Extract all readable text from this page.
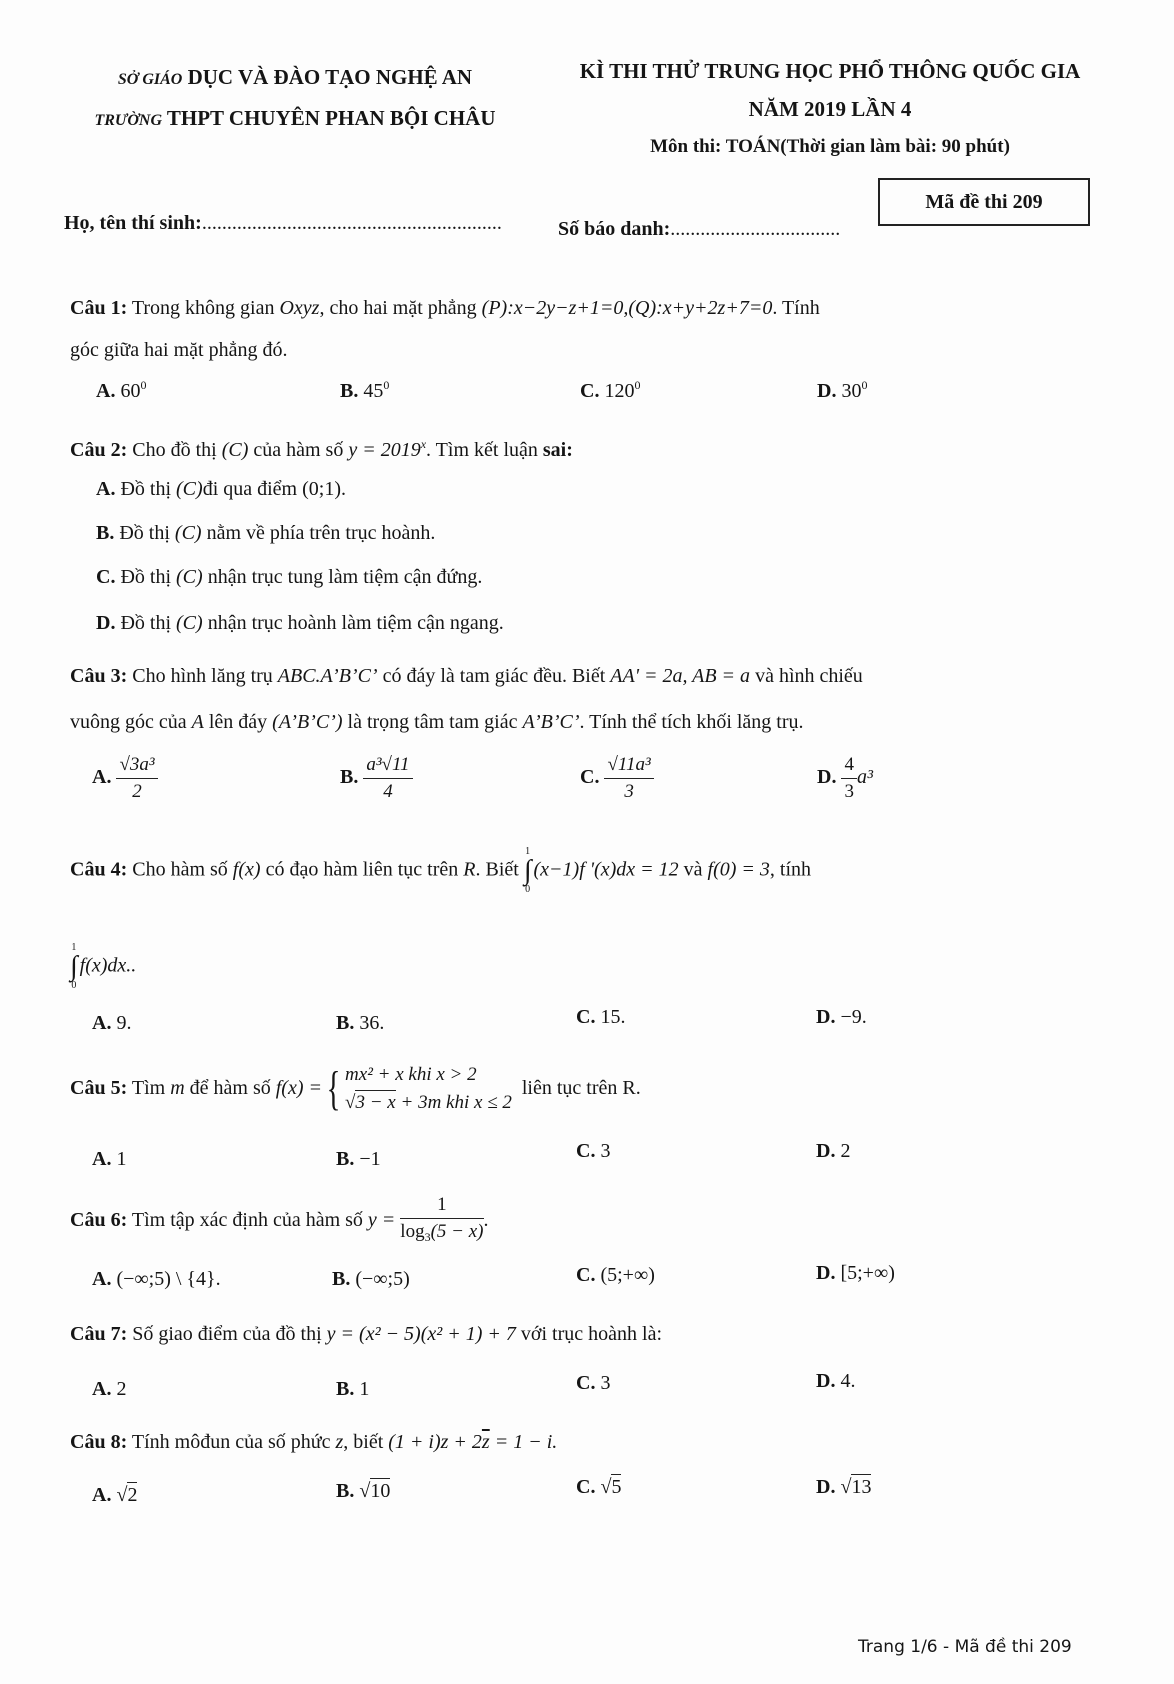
SỞ GIÁO DỤC VÀ ĐÀO TẠO NGHỆ AN
TRƯỜNG THPT CHUYÊN PHAN BỘI CHÂU
KÌ THI THỬ TRUNG HỌC PHỔ THÔNG QUỐC GIA
NĂM 2019 LẦN 4
Môn thi: TOÁN(Thời gian làm bài: 90 phút)
Mã đề thi 209
Họ, tên thí sinh:............................................................	Số báo danh:..................................
Câu 1: Trong không gian Oxyz, cho hai mặt phẳng (P):x−2y−z+1=0,(Q):x+y+2z+7=0. Tính
góc giữa hai mặt phẳng đó.
A. $60^0$	B. $45^0$	C. $120^0$	D. $30^0$
Câu 2: Cho đồ thị (C) của hàm số $y = 2019^x$. Tìm kết luận sai:
A. Đồ thị (C)đi qua điểm (0;1).
B. Đồ thị (C) nằm về phía trên trục hoành.
C. Đồ thị (C) nhận trục tung làm tiệm cận đứng.
D. Đồ thị (C) nhận trục hoành làm tiệm cận ngang.
Câu 3: Cho hình lăng trụ ABC.A’B’C’ có đáy là tam giác đều. Biết AA' = 2a, AB = a và hình chiếu
vuông góc của A lên đáy (A’B’C’) là trọng tâm tam giác A’B’C’. Tính thể tích khối lăng trụ.
A. $\frac{\text{√3a³}}{2}$	B. $\frac{\text{a³√11}}{4}$	C. $\frac{\text{√11a³}}{3}$	D. $\frac{4}{3} a^3$
Câu 4: Cho hàm số f(x) có đạo hàm liên tục trên R. Biết 1
∫
0(x−1)f '(x)dx = 12 và f(0) = 3, tính
1
∫
0f(x)dx..
A. 9.	B. 36.	C. 15.	D. −9.
Câu 5: Tìm m để hàm số f(x) ={ mx² + x khi x > 2
√3 − x + 3m khi x ≤ 2
liên tục trên R.
A. 1	B. −1	C. 3	D. 2
Câu 6: Tìm tập xác định của hàm số $y = \frac{1}{\log_3(5 - x)}$ .
A. (−∞;5) \ {4}.	B. (−∞;5)	C. (5;+∞)	D. [5;+∞)
Câu 7: Số giao điểm của đồ thị y = (x² − 5)(x² + 1) + 7 với trục hoành là:
A. 2	B. 1	C. 3	D. 4.
Câu 8: Tính môđun của số phức z, biết $(1 + i)z + 2\overline{z} = 1 - i$.
A. √2	B. √10	C. √5	D. √13
Trang 1/6 - Mã đề thi 209
